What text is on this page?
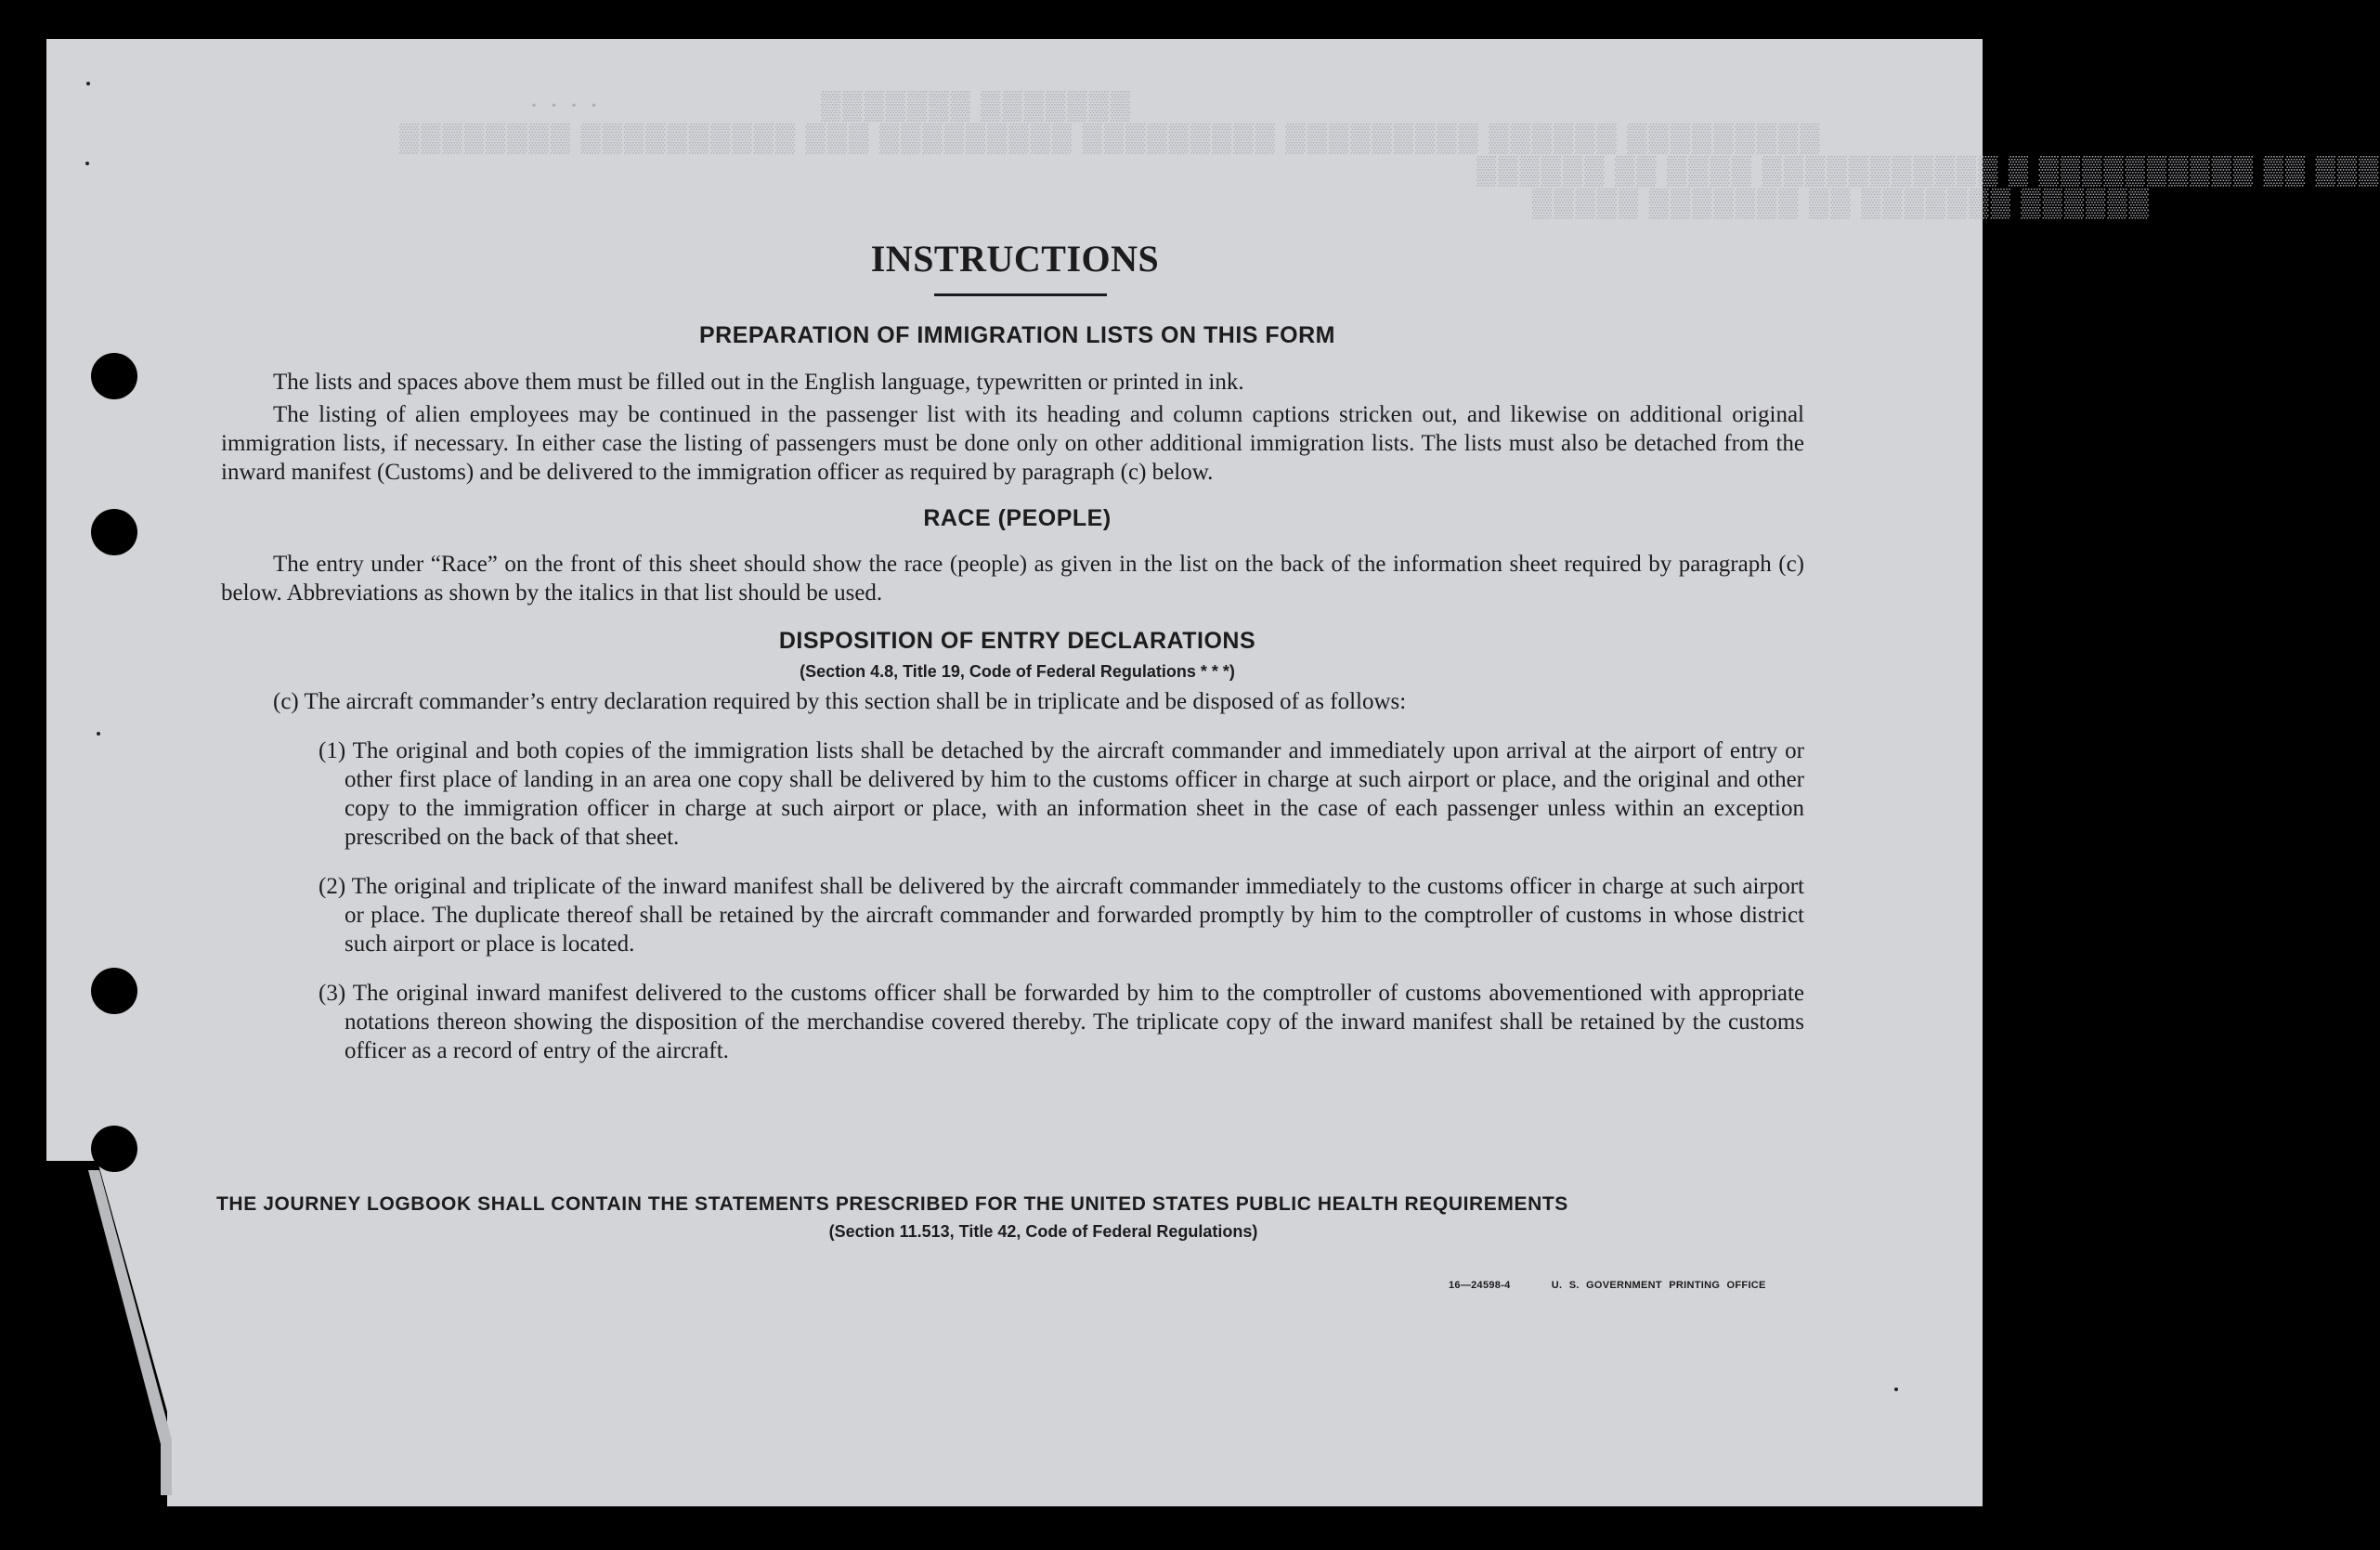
· · · ·                         ▒▒▒▒▒▒▒ ▒▒▒▒▒▒▒
▒▒▒▒▒▒▒▒ ▒▒▒▒▒▒▒▒▒▒ ▒▒▒ ▒▒▒▒▒▒▒▒▒ ▒▒▒▒▒▒▒▒▒ ▒▒▒▒▒▒▒▒▒ ▒▒▒▒▒▒ ▒▒▒▒▒▒▒▒▒
▒▒▒▒▒▒ ▒▒ ▒▒▒▒ ▒▒▒▒▒▒▒▒▒▒▒ ▒ ▒▒▒▒▒▒▒▒▒▒ ▒▒ ▒▒▒
▒▒▒▒▒ ▒▒▒▒▒▒▒ ▒▒ ▒▒▒▒▒▒▒ ▒▒▒▒▒▒
INSTRUCTIONS
PREPARATION OF IMMIGRATION LISTS ON THIS FORM

The lists and spaces above them must be filled out in the English language, typewritten or printed in ink.

The listing of alien employees may be continued in the passenger list with its heading and column captions stricken out, and likewise on additional original immigration lists, if necessary. In either case the listing of passengers must be done only on other additional immigration lists. The lists must also be detached from the inward manifest (Customs) and be delivered to the immigration officer as required by paragraph (c) below.

RACE (PEOPLE)

The entry under “Race” on the front of this sheet should show the race (people) as given in the list on the back of the information sheet required by paragraph (c) below. Abbreviations as shown by the italics in that list should be used.

DISPOSITION OF ENTRY DECLARATIONS
(Section 4.8, Title 19, Code of Federal Regulations * * *)

(c) The aircraft commander’s entry declaration required by this section shall be in triplicate and be disposed of as follows:

(1) The original and both copies of the immigration lists shall be detached by the aircraft commander and immediately upon arrival at the airport of entry or other first place of landing in an area one copy shall be delivered by him to the customs officer in charge at such airport or place, and the original and other copy to the immigration officer in charge at such airport or place, with an information sheet in the case of each passenger unless within an exception prescribed on the back of that sheet.

(2) The original and triplicate of the inward manifest shall be delivered by the aircraft commander immediately to the customs officer in charge at such airport or place. The duplicate thereof shall be retained by the aircraft commander and forwarded promptly by him to the comptroller of customs in whose district such airport or place is located.

(3) The original inward manifest delivered to the customs officer shall be forwarded by him to the comptroller of customs abovementioned with appropriate notations thereon showing the disposition of the merchandise covered thereby. The triplicate copy of the inward manifest shall be retained by the customs officer as a record of entry of the aircraft.

THE JOURNEY LOGBOOK SHALL CONTAIN THE STATEMENTS PRESCRIBED FOR THE UNITED STATES PUBLIC HEALTH REQUIREMENTS
(Section 11.513, Title 42, Code of Federal Regulations)
16—24598-4	U. S. GOVERNMENT PRINTING OFFICE
